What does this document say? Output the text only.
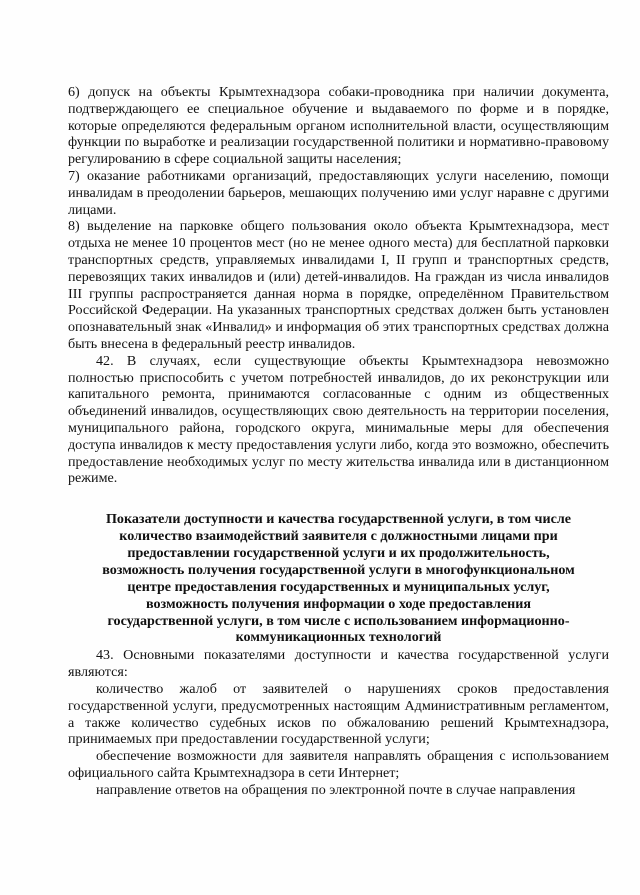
6) допуск на объекты Крымтехнадзора собаки-проводника при наличии документа, подтверждающего ее специальное обучение и выдаваемого по форме и в порядке, которые определяются федеральным органом исполнительной власти, осуществляющим функции по выработке и реализации государственной политики и нормативно-правовому регулированию в сфере социальной защиты населения;

7) оказание работниками организаций, предоставляющих услуги населению, помощи инвалидам в преодолении барьеров, мешающих получению ими услуг наравне с другими лицами.

8) выделение на парковке общего пользования около объекта Крымтехнадзора, мест отдыха не менее 10 процентов мест (но не менее одного места) для бесплатной парковки транспортных средств, управляемых инвалидами I, II групп и транспортных средств, перевозящих таких инвалидов и (или) детей-инвалидов. На граждан из числа инвалидов III группы распространяется данная норма в порядке, определённом Правительством Российской Федерации. На указанных транспортных средствах должен быть установлен опознавательный знак «Инвалид» и информация об этих транспортных средствах должна быть внесена в федеральный реестр инвалидов.

42. В случаях, если существующие объекты Крымтехнадзора невозможно полностью приспособить с учетом потребностей инвалидов, до их реконструкции или капитального ремонта, принимаются согласованные с одним из общественных объединений инвалидов, осуществляющих свою деятельность на территории поселения, муниципального района, городского округа, минимальные меры для обеспечения доступа инвалидов к месту предоставления услуги либо, когда это возможно, обеспечить предоставление необходимых услуг по месту жительства инвалида или в дистанционном режиме.

Показатели доступности и качества государственной услуги, в том числе количество взаимодействий заявителя с должностными лицами при предоставлении государственной услуги и их продолжительность, возможность получения государственной услуги в многофункциональном центре предоставления государственных и муниципальных услуг, возможность получения информации о ходе предоставления государственной услуги, в том числе с использованием информационно-коммуникационных технологий

43. Основными показателями доступности и качества государственной услуги являются:

количество жалоб от заявителей о нарушениях сроков предоставления государственной услуги, предусмотренных настоящим Административным регламентом, а также количество судебных исков по обжалованию решений Крымтехнадзора, принимаемых при предоставлении государственной услуги;

обеспечение возможности для заявителя направлять обращения с использованием официального сайта Крымтехнадзора в сети Интернет;

направление ответов на обращения по электронной почте в случае направления
